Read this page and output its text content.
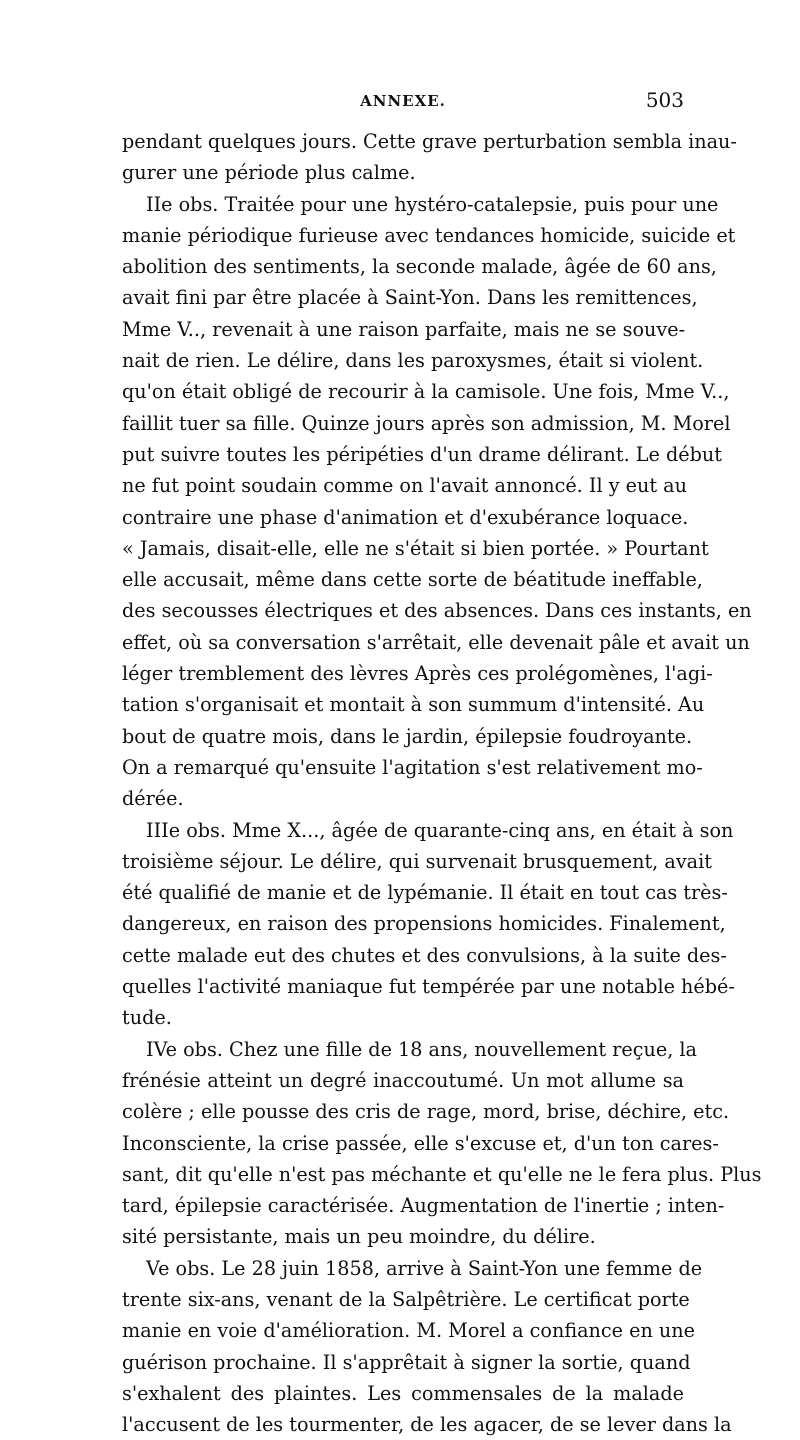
ANNEXE.	503
pendant quelques jours. Cette grave perturbation sembla inau-
gurer une période plus calme.
IIe obs. Traitée pour une hystéro-catalepsie, puis pour une
manie périodique furieuse avec tendances homicide, suicide et
abolition des sentiments, la seconde malade, âgée de 60 ans,
avait fini par être placée à Saint-Yon. Dans les remittences,
Mme V.., revenait à une raison parfaite, mais ne se souve-
nait de rien. Le délire, dans les paroxysmes, était si violent.
qu'on était obligé de recourir à la camisole. Une fois, Mme V..,
faillit tuer sa fille. Quinze jours après son admission, M. Morel
put suivre toutes les péripéties d'un drame délirant. Le début
ne fut point soudain comme on l'avait annoncé. Il y eut au
contraire une phase d'animation et d'exubérance loquace.
« Jamais, disait-elle, elle ne s'était si bien portée. » Pourtant
elle accusait, même dans cette sorte de béatitude ineffable,
des secousses électriques et des absences. Dans ces instants, en
effet, où sa conversation s'arrêtait, elle devenait pâle et avait un
léger tremblement des lèvres Après ces prolégomènes, l'agi-
tation s'organisait et montait à son summum d'intensité. Au
bout de quatre mois, dans le jardin, épilepsie foudroyante.
On a remarqué qu'ensuite l'agitation s'est relativement mo-
dérée.
IIIe obs. Mme X..., âgée de quarante-cinq ans, en était à son
troisième séjour. Le délire, qui survenait brusquement, avait
été qualifié de manie et de lypémanie. Il était en tout cas très-
dangereux, en raison des propensions homicides. Finalement,
cette malade eut des chutes et des convulsions, à la suite des-
quelles l'activité maniaque fut tempérée par une notable hébé-
tude.
IVe obs. Chez une fille de 18 ans, nouvellement reçue, la
frénésie atteint un degré inaccoutumé. Un mot allume sa
colère ; elle pousse des cris de rage, mord, brise, déchire, etc.
Inconsciente, la crise passée, elle s'excuse et, d'un ton cares-
sant, dit qu'elle n'est pas méchante et qu'elle ne le fera plus. Plus
tard, épilepsie caractérisée. Augmentation de l'inertie ; inten-
sité persistante, mais un peu moindre, du délire.
Ve obs. Le 28 juin 1858, arrive à Saint-Yon une femme de
trente six-ans, venant de la Salpêtrière. Le certificat porte
manie en voie d'amélioration. M. Morel a confiance en une
guérison prochaine. Il s'apprêtait à signer la sortie, quand
s'exhalent des plaintes. Les commensales de la malade
l'accusent de les tourmenter, de les agacer, de se lever dans la
